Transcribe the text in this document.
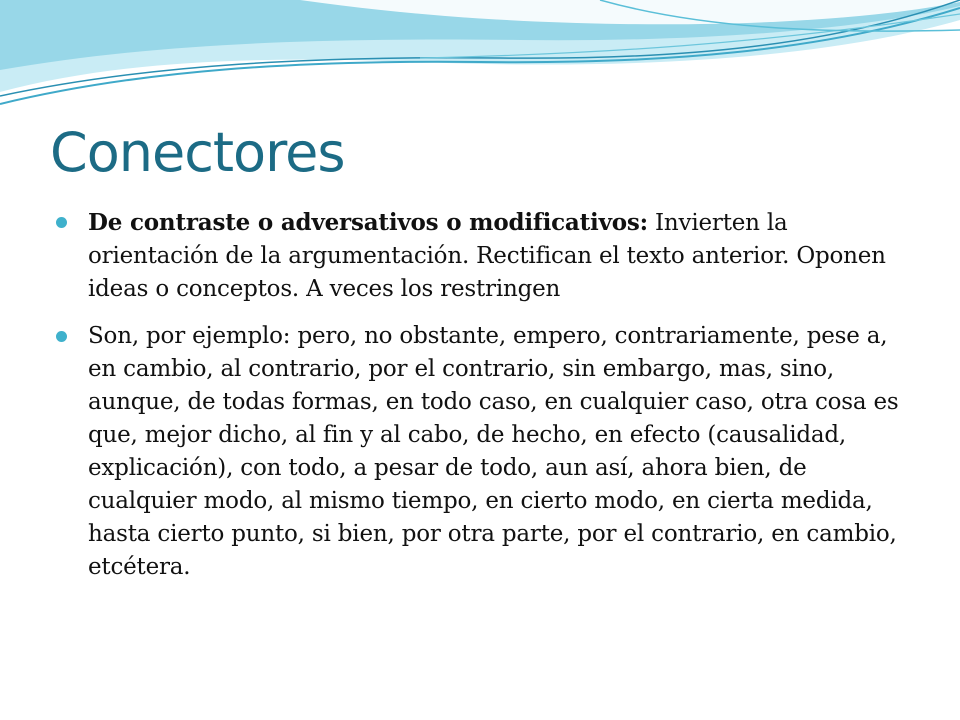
Conectores
De contraste o adversativos o modificativos: Invierten la orientación de la argumentación. Rectifican el texto anterior. Oponen ideas o conceptos. A veces los restringen
Son, por ejemplo: pero, no obstante, empero, contrariamente, pese a, en cambio, al contrario, por el contrario, sin embargo, mas, sino, aunque, de todas formas, en todo caso, en cualquier caso, otra cosa es que, mejor dicho, al fin y al cabo, de hecho, en efecto (causalidad, explicación), con todo, a pesar de todo, aun así, ahora bien, de cualquier modo, al mismo tiempo, en cierto modo, en cierta medida, hasta cierto punto, si bien, por otra parte, por el contrario, en cambio, etcétera.
